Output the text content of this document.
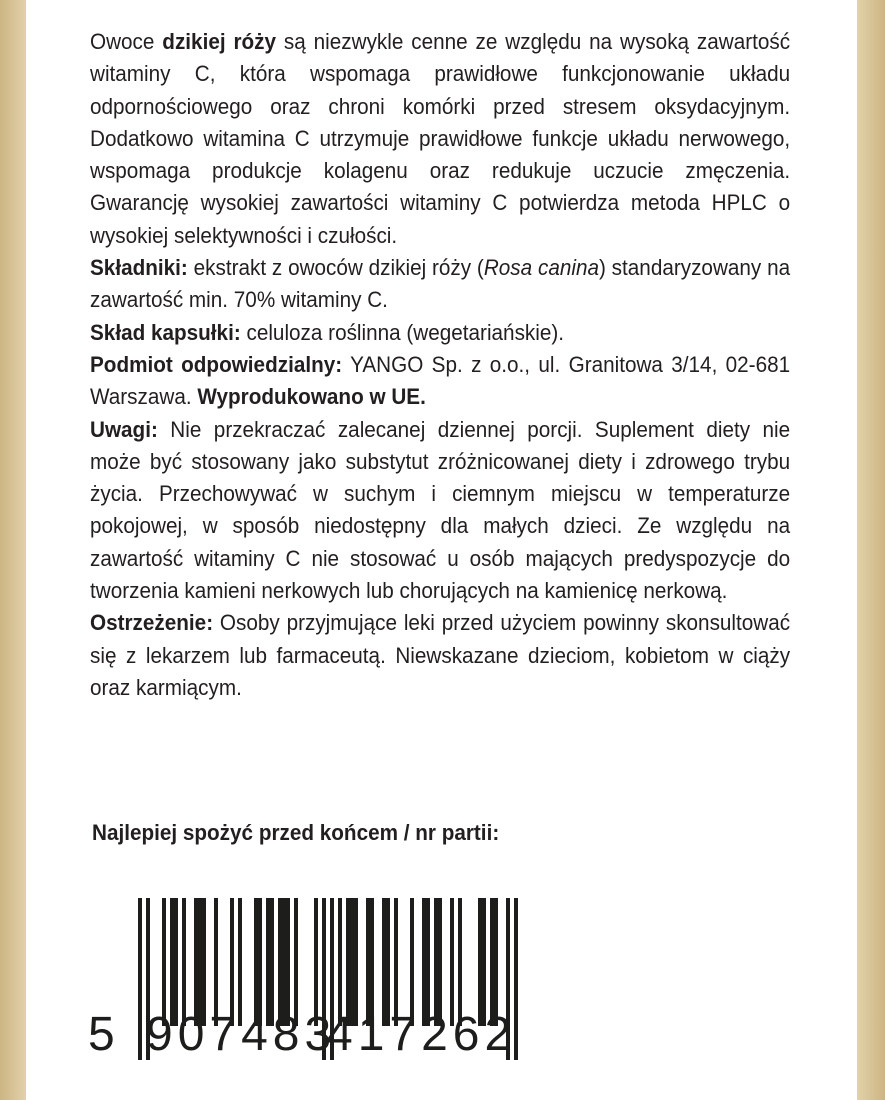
Owoce dzikiej róży są niezwykle cenne ze względu na wysoką zawartość witaminy C, która wspomaga prawidłowe funkcjonowanie układu odpornościowego oraz chroni komórki przed stresem oksydacyjnym. Dodatkowo witamina C utrzymuje prawidłowe funkcje układu nerwowego, wspomaga produkcje kolagenu oraz redukuje uczucie zmęczenia. Gwarancję wysokiej zawartości witaminy C potwierdza metoda HPLC o wysokiej selektywności i czułości.

Składniki: ekstrakt z owoców dzikiej róży (Rosa canina) standaryzowany na zawartość min. 70% witaminy C.

Skład kapsułki: celuloza roślinna (wegetariańskie).

Podmiot odpowiedzialny: YANGO Sp. z o.o., ul. Granitowa 3/14, 02-681 Warszawa. Wyprodukowano w UE.

Uwagi: Nie przekraczać zalecanej dziennej porcji. Suplement diety nie może być stosowany jako substytut zróżnicowanej diety i zdrowego trybu życia. Przechowywać w suchym i ciemnym miejscu w temperaturze pokojowej, w sposób niedostępny dla małych dzieci. Ze względu na zawartość witaminy C nie stosować u osób mających predyspozycje do tworzenia kamieni nerkowych lub chorujących na kamienicę nerkową.

Ostrzeżenie: Osoby przyjmujące leki przed użyciem powinny skonsultować się z lekarzem lub farmaceutą. Niewskazane dzieciom, kobietom w ciąży oraz karmiącym.

Najlepiej spożyć przed końcem / nr partii:
5 907483
417262
